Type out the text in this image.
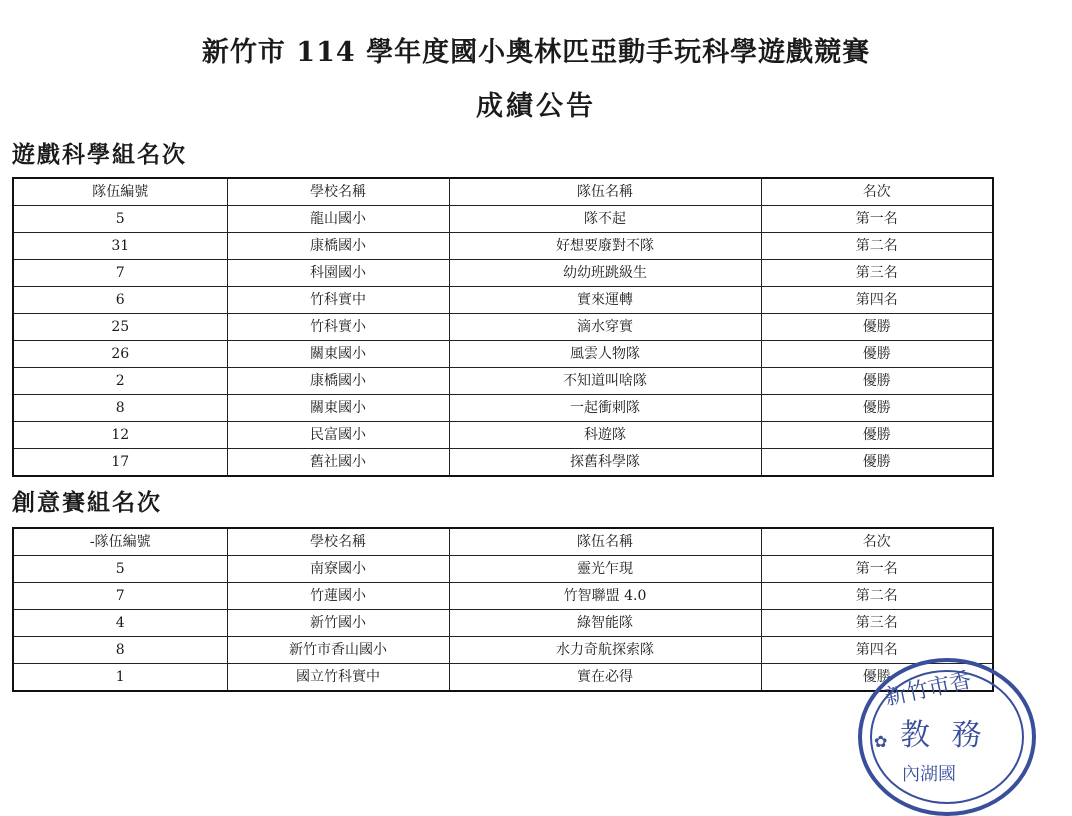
新竹市 114 學年度國小奧林匹亞動手玩科學遊戲競賽
成績公告
遊戲科學組名次
隊伍編號	學校名稱	隊伍名稱	名次
5	龍山國小	隊不起	第一名
31	康橋國小	好想要廢對不隊	第二名
7	科園國小	幼幼班跳級生	第三名
6	竹科實中	實來運轉	第四名
25	竹科實小	滴水穿實	優勝
26	關東國小	風雲人物隊	優勝
2	康橋國小	不知道叫啥隊	優勝
8	關東國小	一起衝刺隊	優勝
12	民富國小	科遊隊	優勝
17	舊社國小	探舊科學隊	優勝
創意賽組名次
-隊伍編號	學校名稱	隊伍名稱	名次
5	南寮國小	靈光乍現	第一名
7	竹蓮國小	竹智聯盟 4.0	第二名
4	新竹國小	綠智能隊	第三名
8	新竹市香山國小	水力奇航探索隊	第四名
1	國立竹科實中	實在必得	優勝
新竹市香
✿ 教 務
內湖國
